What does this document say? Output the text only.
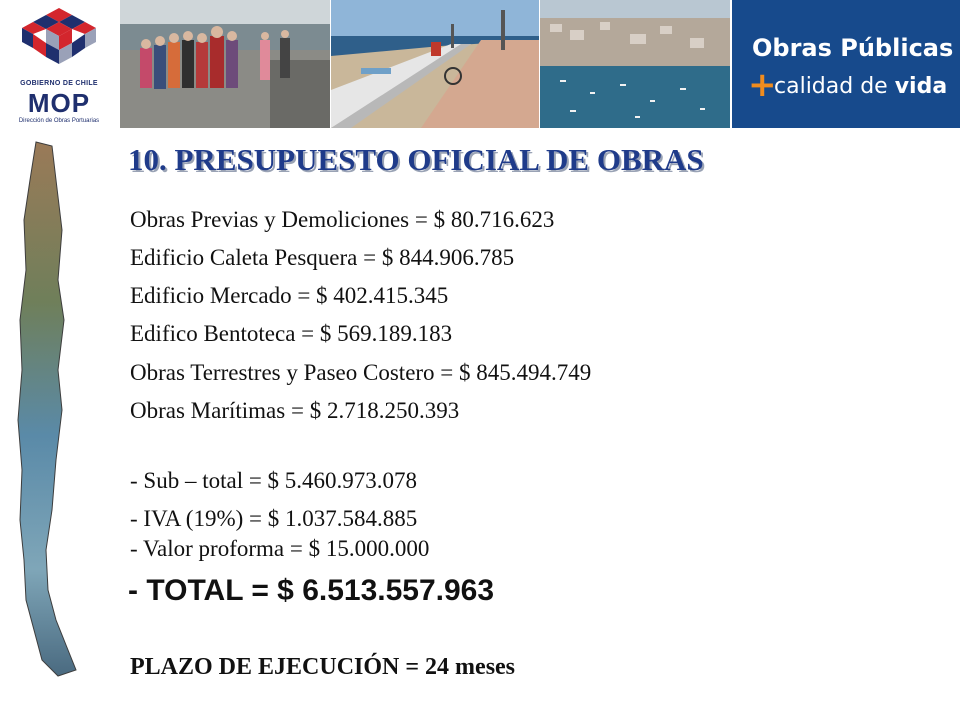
GOBIERNO DE CHILE
MOP
Dirección de Obras Portuarias
Obras Públicas
+
calidad de vida
10. PRESUPUESTO OFICIAL DE OBRAS
Obras Previas y Demoliciones = $ 80.716.623
Edificio Caleta Pesquera = $ 844.906.785
Edificio Mercado = $ 402.415.345
Edifico Bentoteca = $ 569.189.183
Obras Terrestres y Paseo Costero = $ 845.494.749
Obras Marítimas = $ 2.718.250.393
- Sub – total = $ 5.460.973.078
- IVA (19%) = $ 1.037.584.885
- Valor proforma = $ 15.000.000
- TOTAL = $ 6.513.557.963
PLAZO DE EJECUCIÓN = 24 meses
